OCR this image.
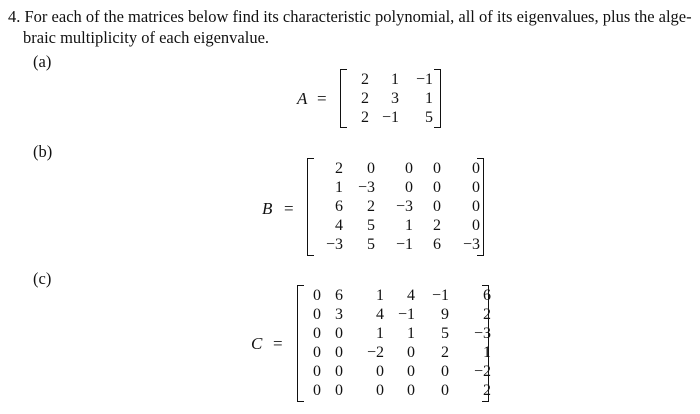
4. For each of the matrices below find its characteristic polynomial, all of its eigenvalues, plus the alge-
braic multiplicity of each eigenvalue.
(a)
A =
2	1	−1
2	3	1
2	−1	5
(b)
B =
2	0	0	0	0
1	−3	0	0	0
6	2	−3	0	0
4	5	1	2	0
−3	5	−1	6	−3
(c)
C =
0	6	1	4	−1	6
0	3	4	−1	9	2
0	0	1	1	5	−3
0	0	−2	0	2	1
0	0	0	0	0	−2
0	0	0	0	0	2
